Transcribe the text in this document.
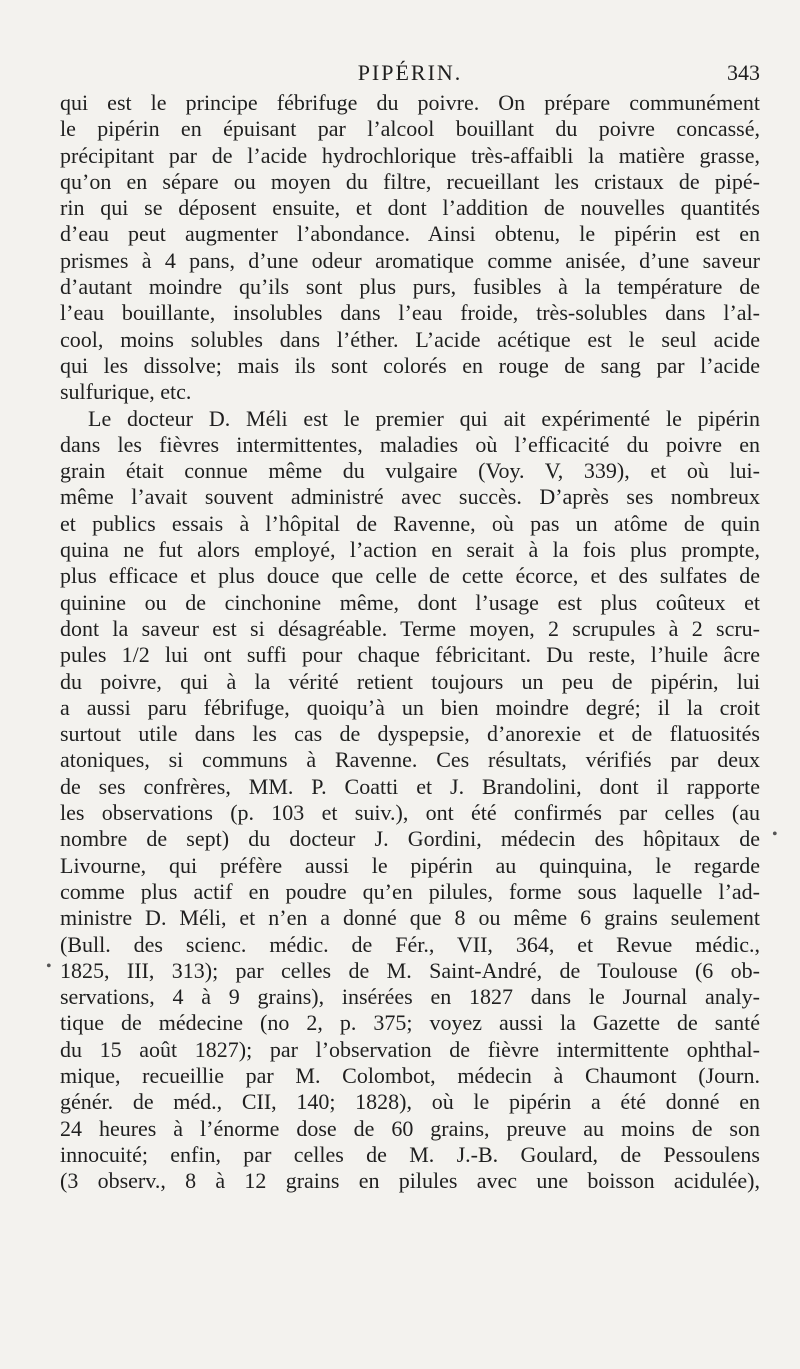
PIPÉRIN.	343
qui est le principe fébrifuge du poivre. On prépare communément
le pipérin en épuisant par l’alcool bouillant du poivre concassé,
précipitant par de l’acide hydrochlorique très-affaibli la matière grasse,
qu’on en sépare ou moyen du filtre, recueillant les cristaux de pipé-
rin qui se déposent ensuite, et dont l’addition de nouvelles quantités
d’eau peut augmenter l’abondance. Ainsi obtenu, le pipérin est en
prismes à 4 pans, d’une odeur aromatique comme anisée, d’une saveur
d’autant moindre qu’ils sont plus purs, fusibles à la température de
l’eau bouillante, insolubles dans l’eau froide, très-solubles dans l’al-
cool, moins solubles dans l’éther. L’acide acétique est le seul acide
qui les dissolve; mais ils sont colorés en rouge de sang par l’acide
sulfurique, etc.
Le docteur D. Méli est le premier qui ait expérimenté le pipérin
dans les fièvres intermittentes, maladies où l’efficacité du poivre en
grain était connue même du vulgaire (Voy. V, 339), et où lui-
même l’avait souvent administré avec succès. D’après ses nombreux
et publics essais à l’hôpital de Ravenne, où pas un atôme de quin
quina ne fut alors employé, l’action en serait à la fois plus prompte,
plus efficace et plus douce que celle de cette écorce, et des sulfates de
quinine ou de cinchonine même, dont l’usage est plus coûteux et
dont la saveur est si désagréable. Terme moyen, 2 scrupules à 2 scru-
pules 1/2 lui ont suffi pour chaque fébricitant. Du reste, l’huile âcre
du poivre, qui à la vérité retient toujours un peu de pipérin, lui
a aussi paru fébrifuge, quoiqu’à un bien moindre degré; il la croit
surtout utile dans les cas de dyspepsie, d’anorexie et de flatuosités
atoniques, si communs à Ravenne. Ces résultats, vérifiés par deux
de ses confrères, MM. P. Coatti et J. Brandolini, dont il rapporte
les observations (p. 103 et suiv.), ont été confirmés par celles (au
nombre de sept) du docteur J. Gordini, médecin des hôpitaux de
Livourne, qui préfère aussi le pipérin au quinquina, le regarde
comme plus actif en poudre qu’en pilules, forme sous laquelle l’ad-
ministre D. Méli, et n’en a donné que 8 ou même 6 grains seulement
(Bull. des scienc. médic. de Fér., VII, 364, et Revue médic.,
1825, III, 313); par celles de M. Saint-André, de Toulouse (6 ob-
servations, 4 à 9 grains), insérées en 1827 dans le Journal analy-
tique de médecine (no 2, p. 375; voyez aussi la Gazette de santé
du 15 août 1827); par l’observation de fièvre intermittente ophthal-
mique, recueillie par M. Colombot, médecin à Chaumont (Journ.
génér. de méd., CII, 140; 1828), où le pipérin a été donné en
24 heures à l’énorme dose de 60 grains, preuve au moins de son
innocuité; enfin, par celles de M. J.-B. Goulard, de Pessoulens
(3 observ., 8 à 12 grains en pilules avec une boisson acidulée),
•
•
